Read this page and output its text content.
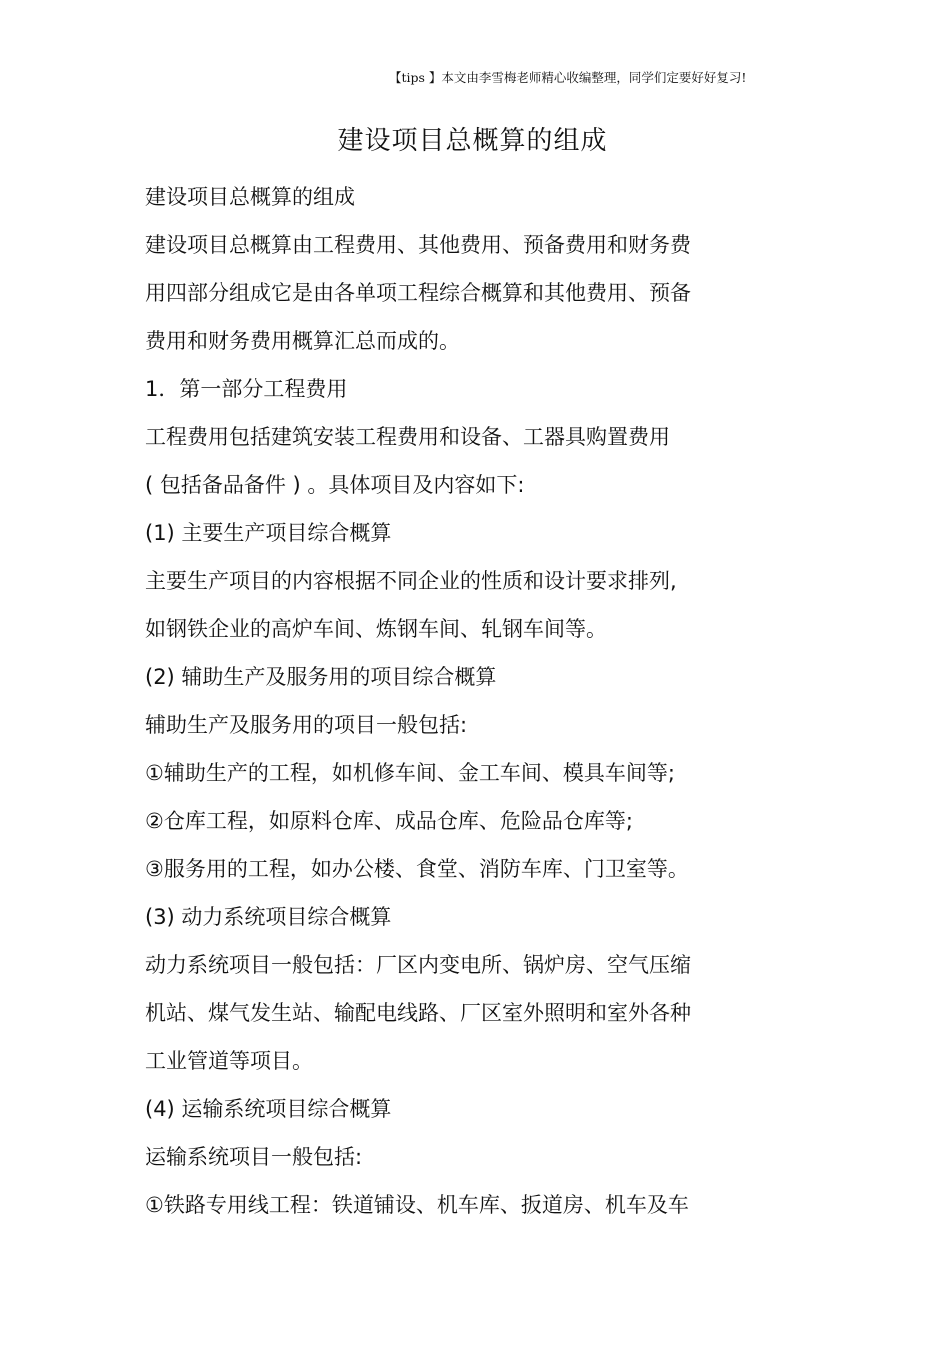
【tips 】本文由李雪梅老师精心收编整理，同学们定要好好复习!
建设项目总概算的组成
建设项目总概算的组成
建设项目总概算由工程费用、其他费用、预备费用和财务费
用四部分组成它是由各单项工程综合概算和其他费用、预备
费用和财务费用概算汇总而成的。
1．第一部分工程费用
工程费用包括建筑安装工程费用和设备、工器具购置费用
( 包括备品备件 ) 。具体项目及内容如下:
(1) 主要生产项目综合概算
主要生产项目的内容根据不同企业的性质和设计要求排列,
如钢铁企业的高炉车间、炼钢车间、轧钢车间等。
(2) 辅助生产及服务用的项目综合概算
辅助生产及服务用的项目一般包括:
①辅助生产的工程，如机修车间、金工车间、模具车间等;
②仓库工程，如原料仓库、成品仓库、危险品仓库等;
③服务用的工程，如办公楼、食堂、消防车库、门卫室等。
(3) 动力系统项目综合概算
动力系统项目一般包括：厂区内变电所、锅炉房、空气压缩
机站、煤气发生站、输配电线路、厂区室外照明和室外各种
工业管道等项目。
(4) 运输系统项目综合概算
运输系统项目一般包括:
①铁路专用线工程：铁道铺设、机车库、扳道房、机车及车
